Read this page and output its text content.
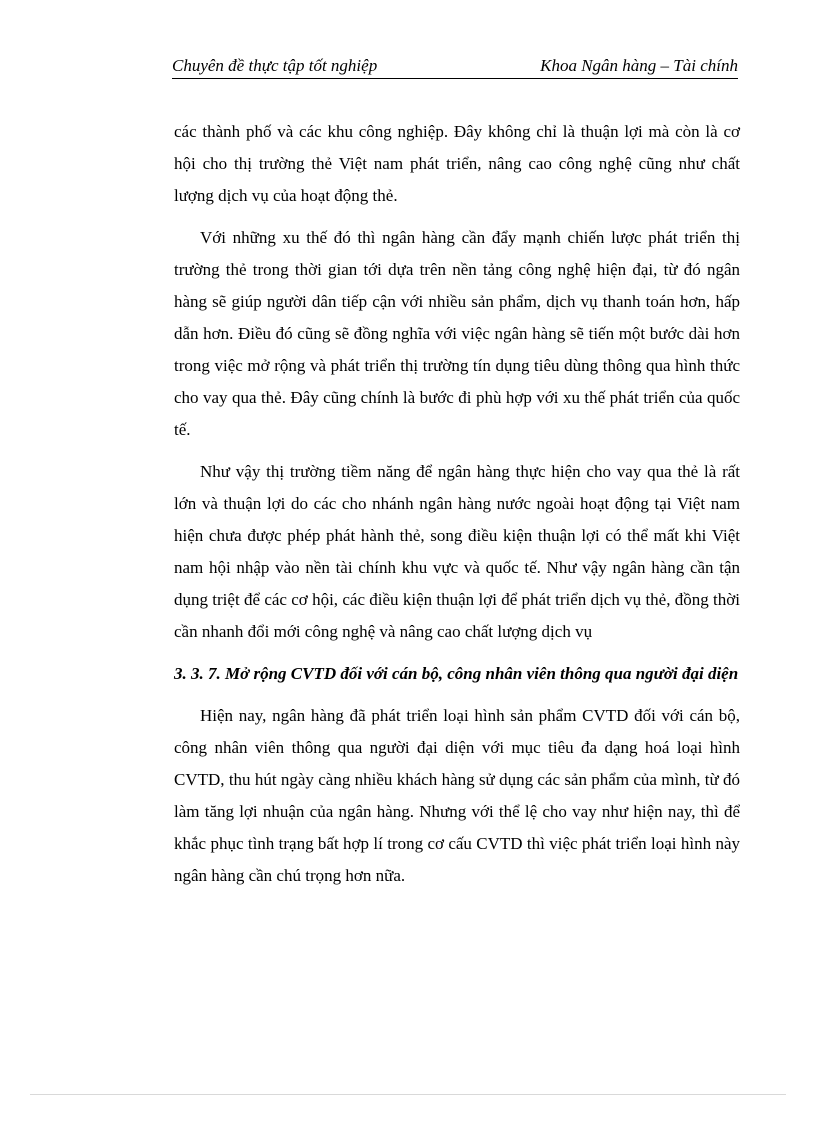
Chuyên đề thực tập tốt nghiệp	Khoa Ngân hàng – Tài chính

các thành phố và các khu công nghiệp. Đây không chỉ là thuận lợi mà còn là cơ hội cho thị trường thẻ Việt nam phát triển, nâng cao công nghệ cũng như chất lượng dịch vụ của hoạt động thẻ.

Với những xu thế đó thì ngân hàng cần đẩy mạnh chiến lược phát triển thị trường thẻ trong thời gian tới dựa trên nền tảng công nghệ hiện đại, từ đó ngân hàng sẽ giúp người dân tiếp cận với nhiều sản phẩm, dịch vụ thanh toán hơn, hấp dẫn hơn. Điều đó cũng sẽ đồng nghĩa với việc ngân hàng sẽ tiến một bước dài hơn trong việc mở rộng và phát triển thị trường tín dụng tiêu dùng thông qua hình thức cho vay qua thẻ. Đây cũng chính là bước đi phù hợp với xu thế phát triển của quốc tế.

Như vậy thị trường tiềm năng để ngân hàng thực hiện cho vay qua thẻ là rất lớn và thuận lợi do các cho nhánh ngân hàng nước ngoài hoạt động tại Việt nam hiện chưa được phép phát hành thẻ, song điều kiện thuận lợi có thể mất khi Việt nam hội nhập vào nền tài chính khu vực và quốc tế. Như vậy ngân hàng cần tận dụng triệt để các cơ hội, các điều kiện thuận lợi để phát triển dịch vụ thẻ, đồng thời cần nhanh đổi mới công nghệ và nâng cao chất lượng dịch vụ

3. 3. 7. Mở rộng CVTD đối với cán bộ, công nhân viên thông qua người đại diện

Hiện nay, ngân hàng đã phát triển loại hình sản phẩm CVTD đối với cán bộ, công nhân viên thông qua người đại diện với mục tiêu đa dạng hoá loại hình CVTD, thu hút ngày càng nhiều khách hàng sử dụng các sản phẩm của mình, từ đó làm tăng lợi nhuận của ngân hàng. Nhưng với thể lệ cho vay như hiện nay, thì để khắc phục tình trạng bất hợp lí trong cơ cấu CVTD thì việc phát triển loại hình này ngân hàng cần chú trọng hơn nữa.
